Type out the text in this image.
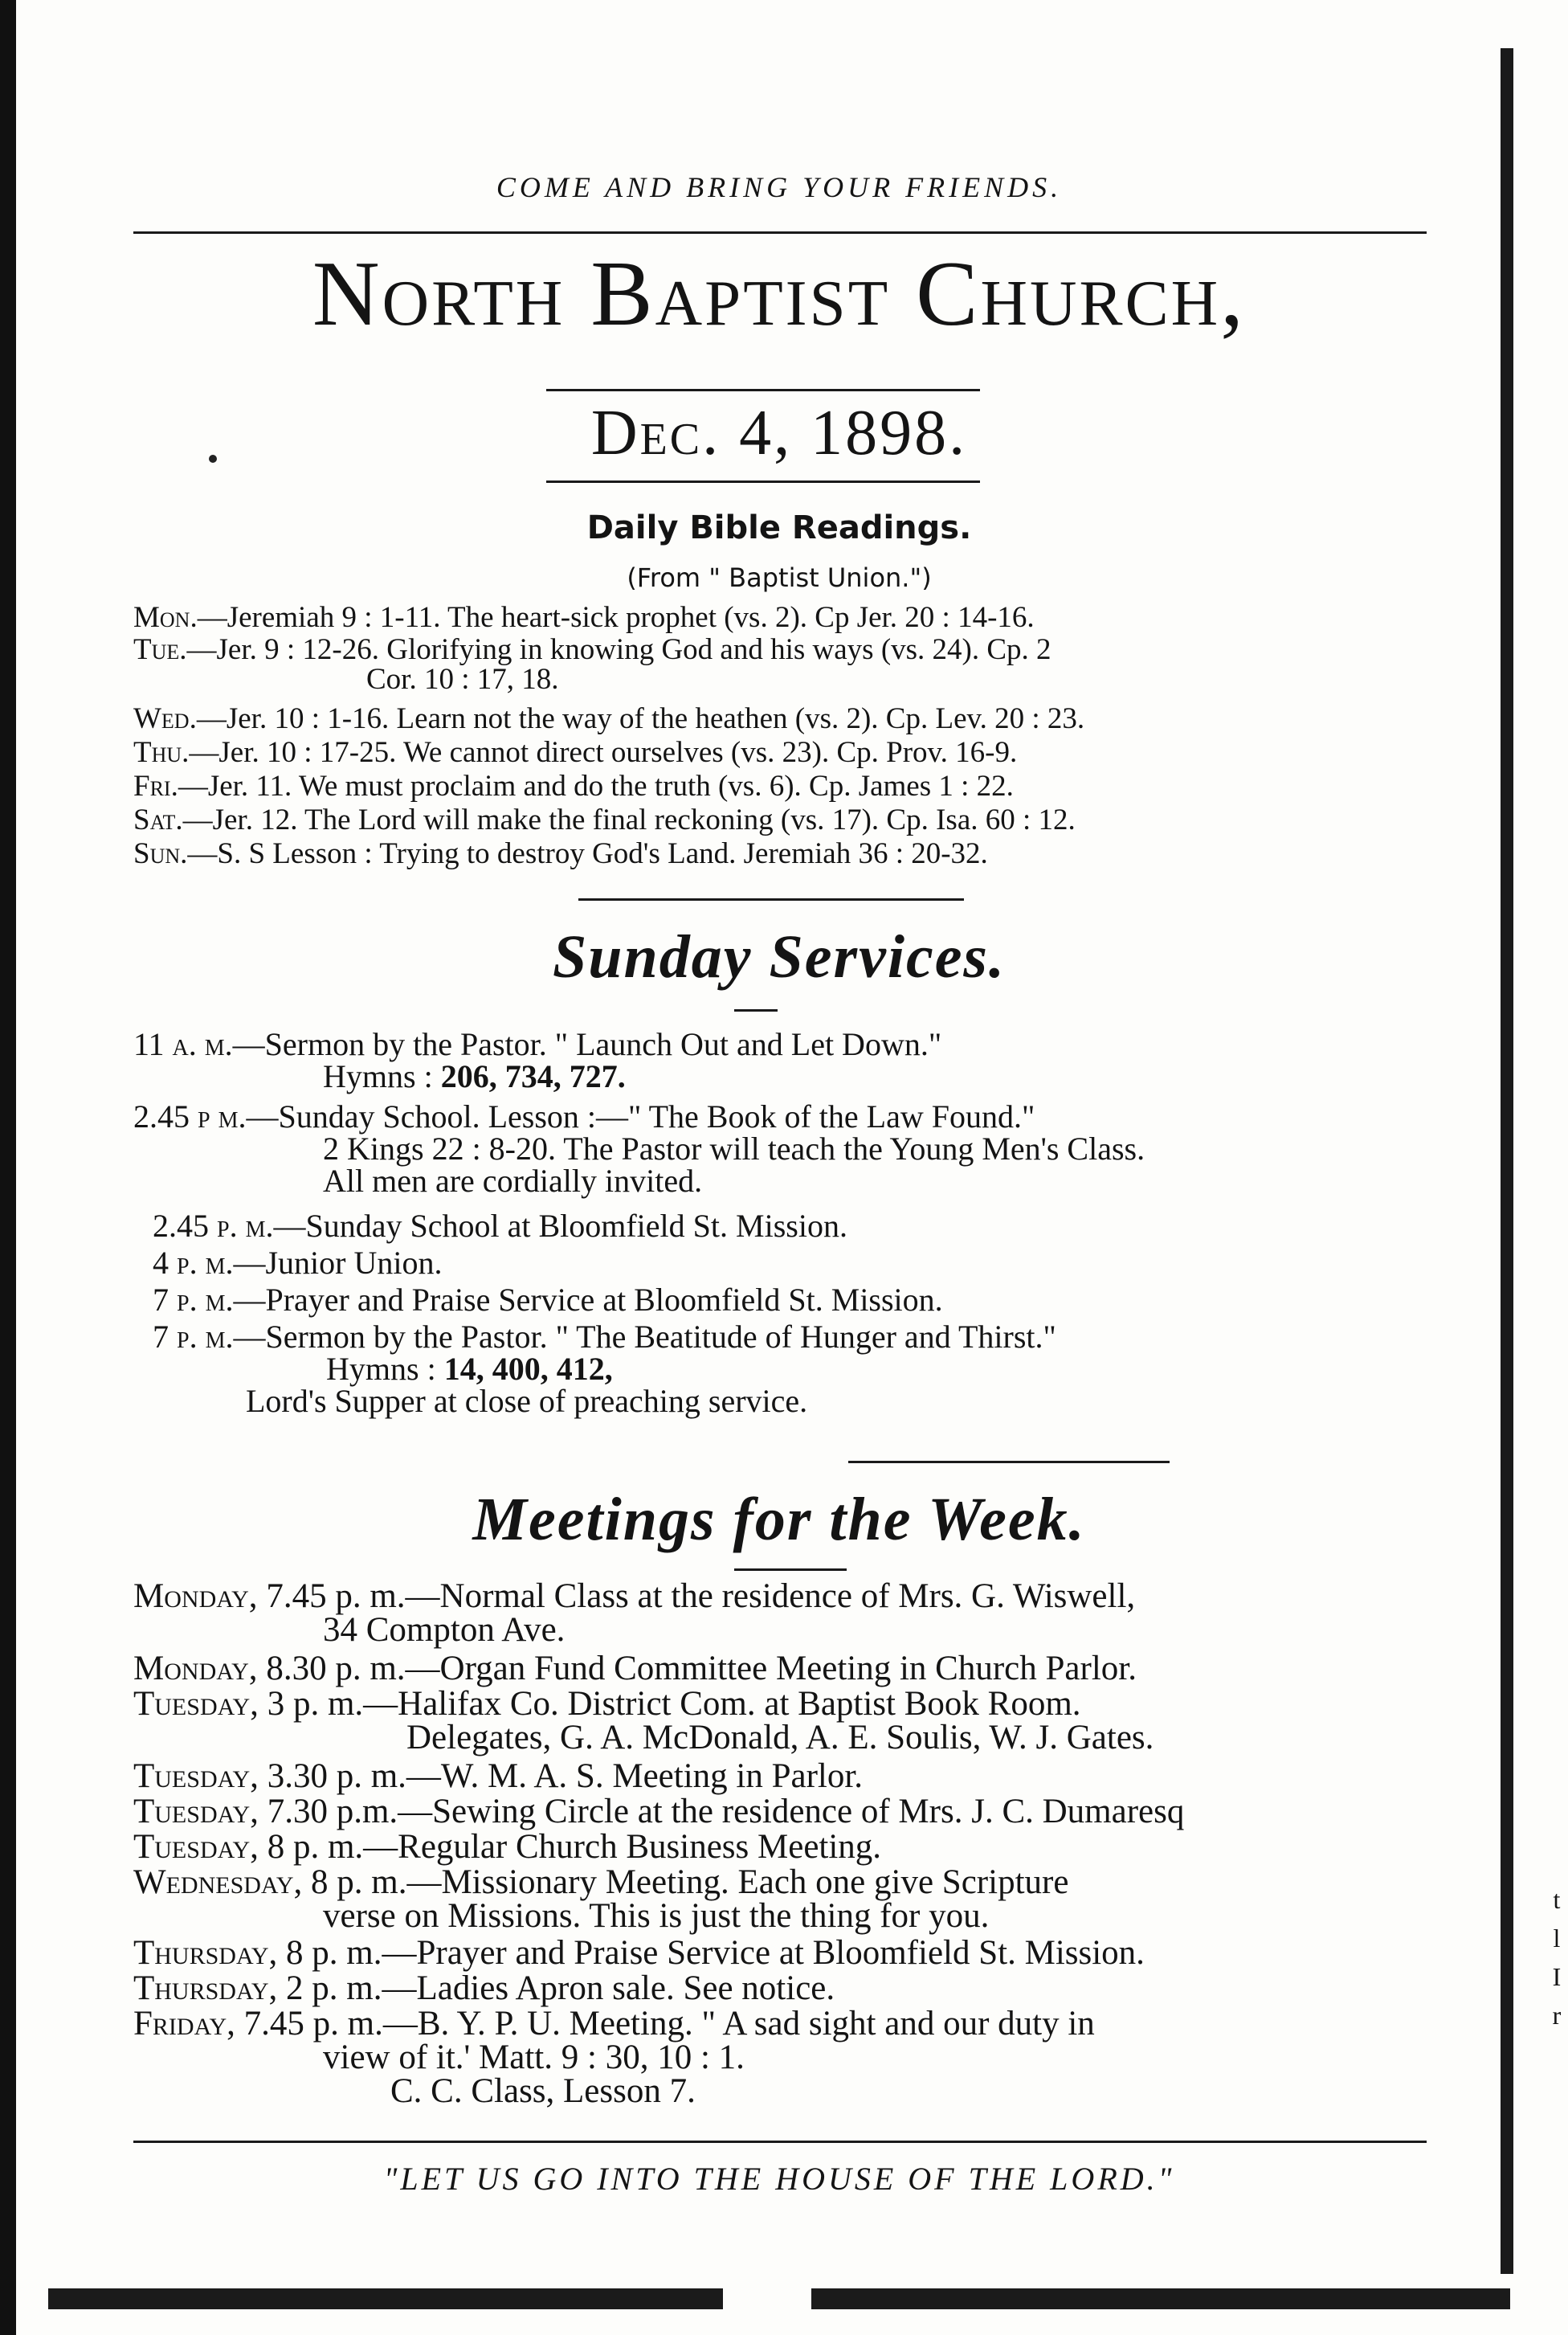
t
l
I
r
COME AND BRING YOUR FRIENDS.
North Baptist Church,
Dec. 4, 1898.
Daily Bible Readings.
(From " Baptist Union.")
Mon.—Jeremiah 9 : 1-11. The heart-sick prophet (vs. 2). Cp Jer. 20 : 14-16.
Tue.—Jer. 9 : 12-26. Glorifying in knowing God and his ways (vs. 24). Cp. 2
Cor. 10 : 17, 18.
Wed.—Jer. 10 : 1-16. Learn not the way of the heathen (vs. 2). Cp. Lev. 20 : 23.
Thu.—Jer. 10 : 17-25. We cannot direct ourselves (vs. 23). Cp. Prov. 16-9.
Fri.—Jer. 11. We must proclaim and do the truth (vs. 6). Cp. James 1 : 22.
Sat.—Jer. 12. The Lord will make the final reckoning (vs. 17). Cp. Isa. 60 : 12.
Sun.—S. S Lesson : Trying to destroy God's Land. Jeremiah 36 : 20-32.
Sunday Services.
11 a. m.—Sermon by the Pastor. " Launch Out and Let Down."
Hymns : 206, 734, 727.
2.45 p m.—Sunday School. Lesson :—" The Book of the Law Found."
2 Kings 22 : 8-20. The Pastor will teach the Young Men's Class.
All men are cordially invited.
2.45 p. m.—Sunday School at Bloomfield St. Mission.
4 p. m.—Junior Union.
7 p. m.—Prayer and Praise Service at Bloomfield St. Mission.
7 p. m.—Sermon by the Pastor. " The Beatitude of Hunger and Thirst."
Hymns : 14, 400, 412,
Lord's Supper at close of preaching service.
Meetings for the Week.
Monday, 7.45 p. m.—Normal Class at the residence of Mrs. G. Wiswell,
34 Compton Ave.
Monday, 8.30 p. m.—Organ Fund Committee Meeting in Church Parlor.
Tuesday, 3 p. m.—Halifax Co. District Com. at Baptist Book Room.
Delegates, G. A. McDonald, A. E. Soulis, W. J. Gates.
Tuesday, 3.30 p. m.—W. M. A. S. Meeting in Parlor.
Tuesday, 7.30 p.m.—Sewing Circle at the residence of Mrs. J. C. Dumaresq
Tuesday, 8 p. m.—Regular Church Business Meeting.
Wednesday, 8 p. m.—Missionary Meeting. Each one give Scripture
verse on Missions. This is just the thing for you.
Thursday, 8 p. m.—Prayer and Praise Service at Bloomfield St. Mission.
Thursday, 2 p. m.—Ladies Apron sale. See notice.
Friday, 7.45 p. m.—B. Y. P. U. Meeting. " A sad sight and our duty in
view of it.' Matt. 9 : 30, 10 : 1.
C. C. Class, Lesson 7.
"LET US GO INTO THE HOUSE OF THE LORD."
